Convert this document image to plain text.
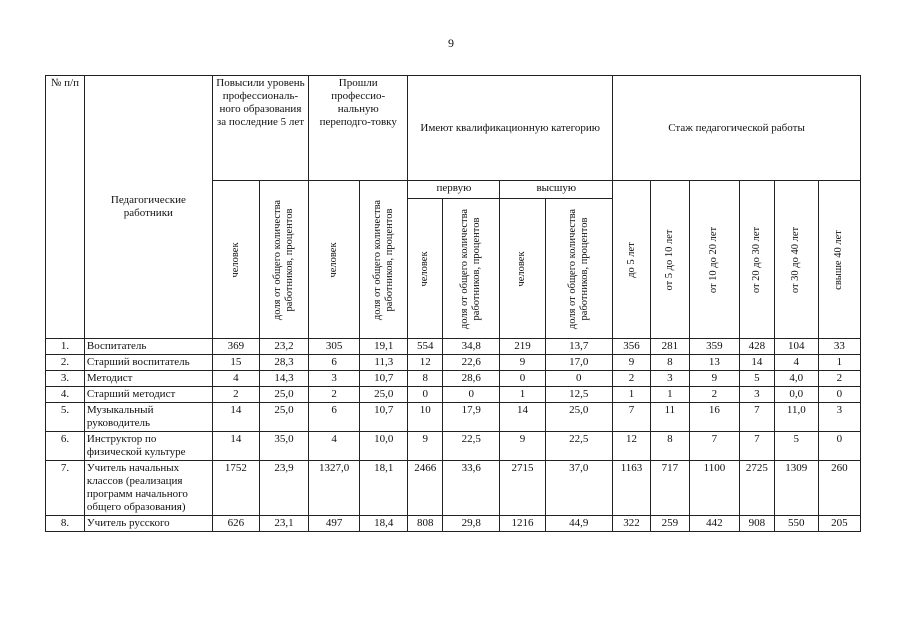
9
№ п/п	Педагогические работники	Повысили уровень профессиональ-ного образования за последние 5 лет		Прошли профессио-нальную переподго-товку		Имеют квалификационную категорию				Стаж педагогической работы					

		человек	доля от общего количества работников, процентов	человек	доля от общего количества работников, процентов	первую		высшую		до 5 лет	от 5 до 10 лет	от 10 до 20 лет	от 20 до 30 лет	от 30 до 40 лет	свыше 40 лет

						человек	доля от общего количества работников, процентов	человек	доля от общего количества работников, процентов						

1.	Воспитатель	369	23,2	305	19,1	554	34,8	219	13,7	356	281	359	428	104	33
2.	Старший воспитатель	15	28,3	6	11,3	12	22,6	9	17,0	9	8	13	14	4	1
3.	Методист	4	14,3	3	10,7	8	28,6	0	0	2	3	9	5	4,0	2
4.	Старший методист	2	25,0	2	25,0	0	0	1	12,5	1	1	2	3	0,0	0
5.	Музыкальный руководитель	14	25,0	6	10,7	10	17,9	14	25,0	7	11	16	7	11,0	3
6.	Инструктор по физической культуре	14	35,0	4	10,0	9	22,5	9	22,5	12	8	7	7	5	0
7.	Учитель начальных классов (реализация программ начального общего образования)	1752	23,9	1327,0	18,1	2466	33,6	2715	37,0	1163	717	1100	2725	1309	260
8.	Учитель русского	626	23,1	497	18,4	808	29,8	1216	44,9	322	259	442	908	550	205
